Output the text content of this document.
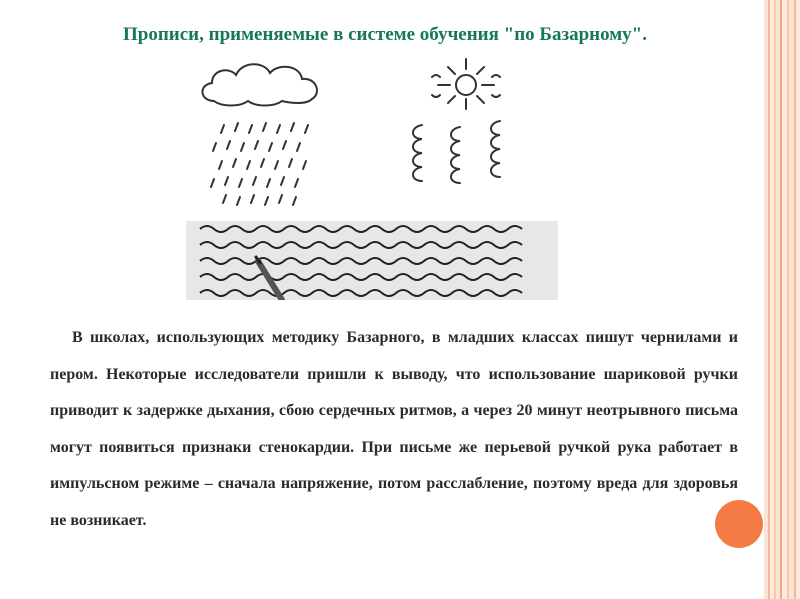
Прописи, применяемые в системе обучения "по Базарному".
В школах, использующих методику Базарного, в младших классах пишут чернилами и пером. Некоторые исследователи пришли к выводу, что использование шариковой ручки приводит к задержке дыхания, сбою сердечных ритмов, а через 20 минут неотрывного письма могут появиться признаки стенокардии. При письме же перьевой ручкой рука работает в импульсном режиме – сначала напряжение, потом расслабление, поэтому вреда для здоровья не возникает.
